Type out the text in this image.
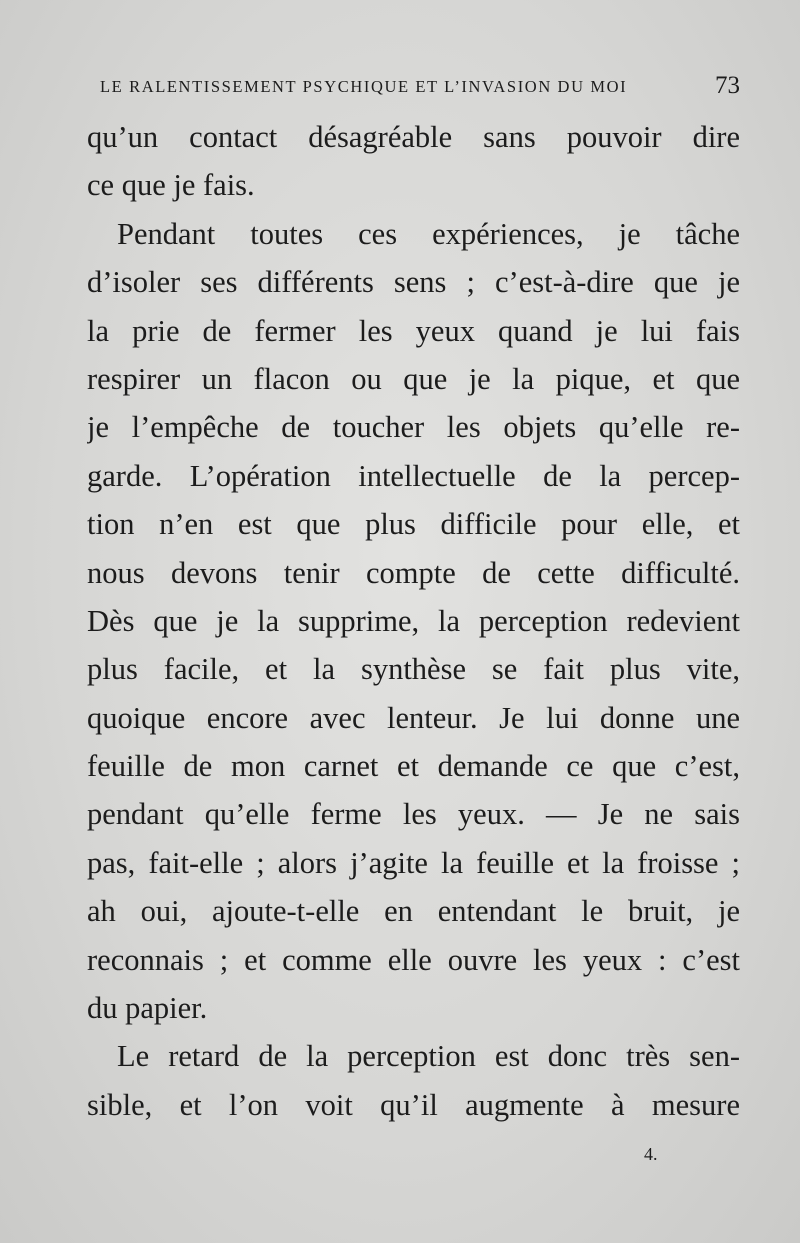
LE RALENTISSEMENT PSYCHIQUE ET L’INVASION DU MOI	73
qu’un contact désagréable sans pouvoir dire
ce que je fais.
Pendant toutes ces expériences, je tâche
d’isoler ses différents sens ; c’est-à-dire que je
la prie de fermer les yeux quand je lui fais
respirer un flacon ou que je la pique, et que
je l’empêche de toucher les objets qu’elle re-
garde. L’opération intellectuelle de la percep-
tion n’en est que plus difficile pour elle, et
nous devons tenir compte de cette difficulté.
Dès que je la supprime, la perception redevient
plus facile, et la synthèse se fait plus vite,
quoique encore avec lenteur. Je lui donne une
feuille de mon carnet et demande ce que c’est,
pendant qu’elle ferme les yeux. — Je ne sais
pas, fait-elle ; alors j’agite la feuille et la froisse ;
ah oui, ajoute-t-elle en entendant le bruit, je
reconnais ; et comme elle ouvre les yeux : c’est
du papier.
Le retard de la perception est donc très sen-
sible, et l’on voit qu’il augmente à mesure
4.
